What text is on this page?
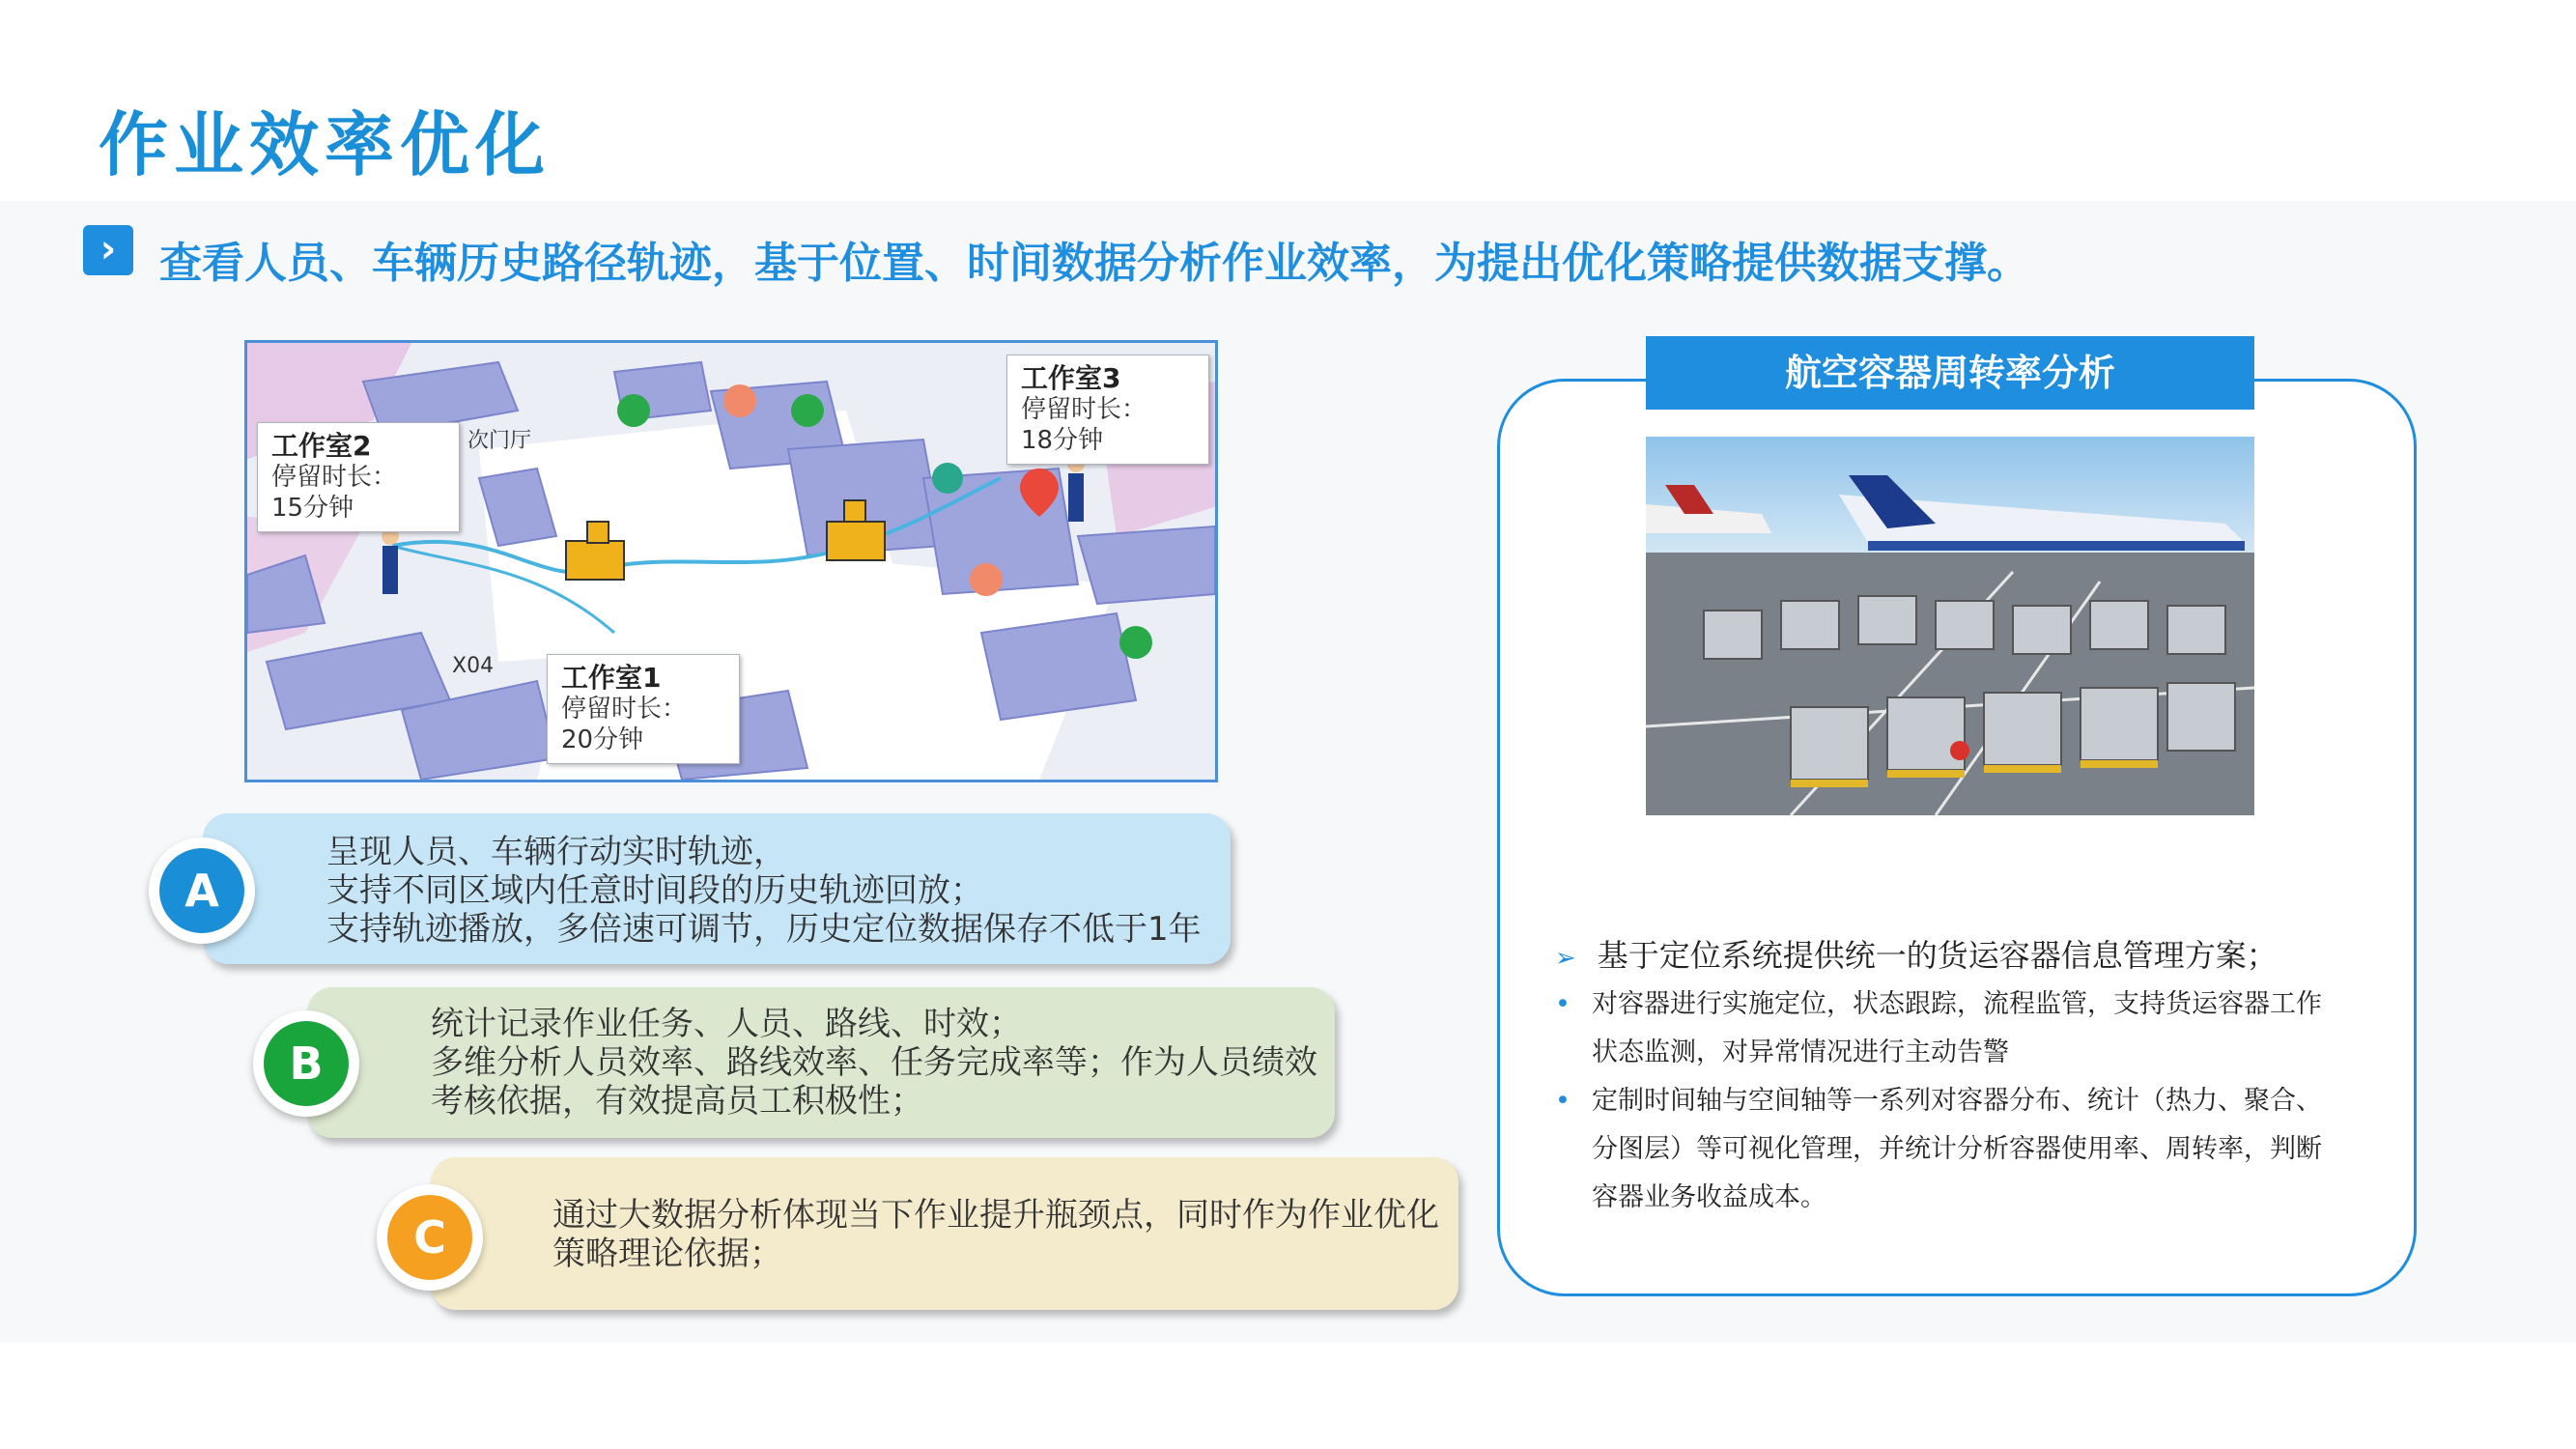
作业效率优化
›	查看人员、车辆历史路径轨迹，基于位置、时间数据分析作业效率，为提出优化策略提供数据支撑。
工作室2
停留时长：
15分钟
工作室1
停留时长：
20分钟
工作室3
停留时长：
18分钟
次门厅
X04
A
呈现人员、车辆行动实时轨迹，
支持不同区域内任意时间段的历史轨迹回放；
支持轨迹播放，多倍速可调节，历史定位数据保存不低于1年
B
统计记录作业任务、人员、路线、时效；
多维分析人员效率、路线效率、任务完成率等；作为人员绩效
考核依据，有效提高员工积极性；
C	通过大数据分析体现当下作业提升瓶颈点，同时作为作业优化
策略理论依据；
航空容器周转率分析
➢ 基于定位系统提供统一的货运容器信息管理方案；
• 对容器进行实施定位，状态跟踪，流程监管，支持货运容器工作
状态监测，对异常情况进行主动告警
• 定制时间轴与空间轴等一系列对容器分布、统计（热力、聚合、
分图层）等可视化管理，并统计分析容器使用率、周转率，判断
容器业务收益成本。
